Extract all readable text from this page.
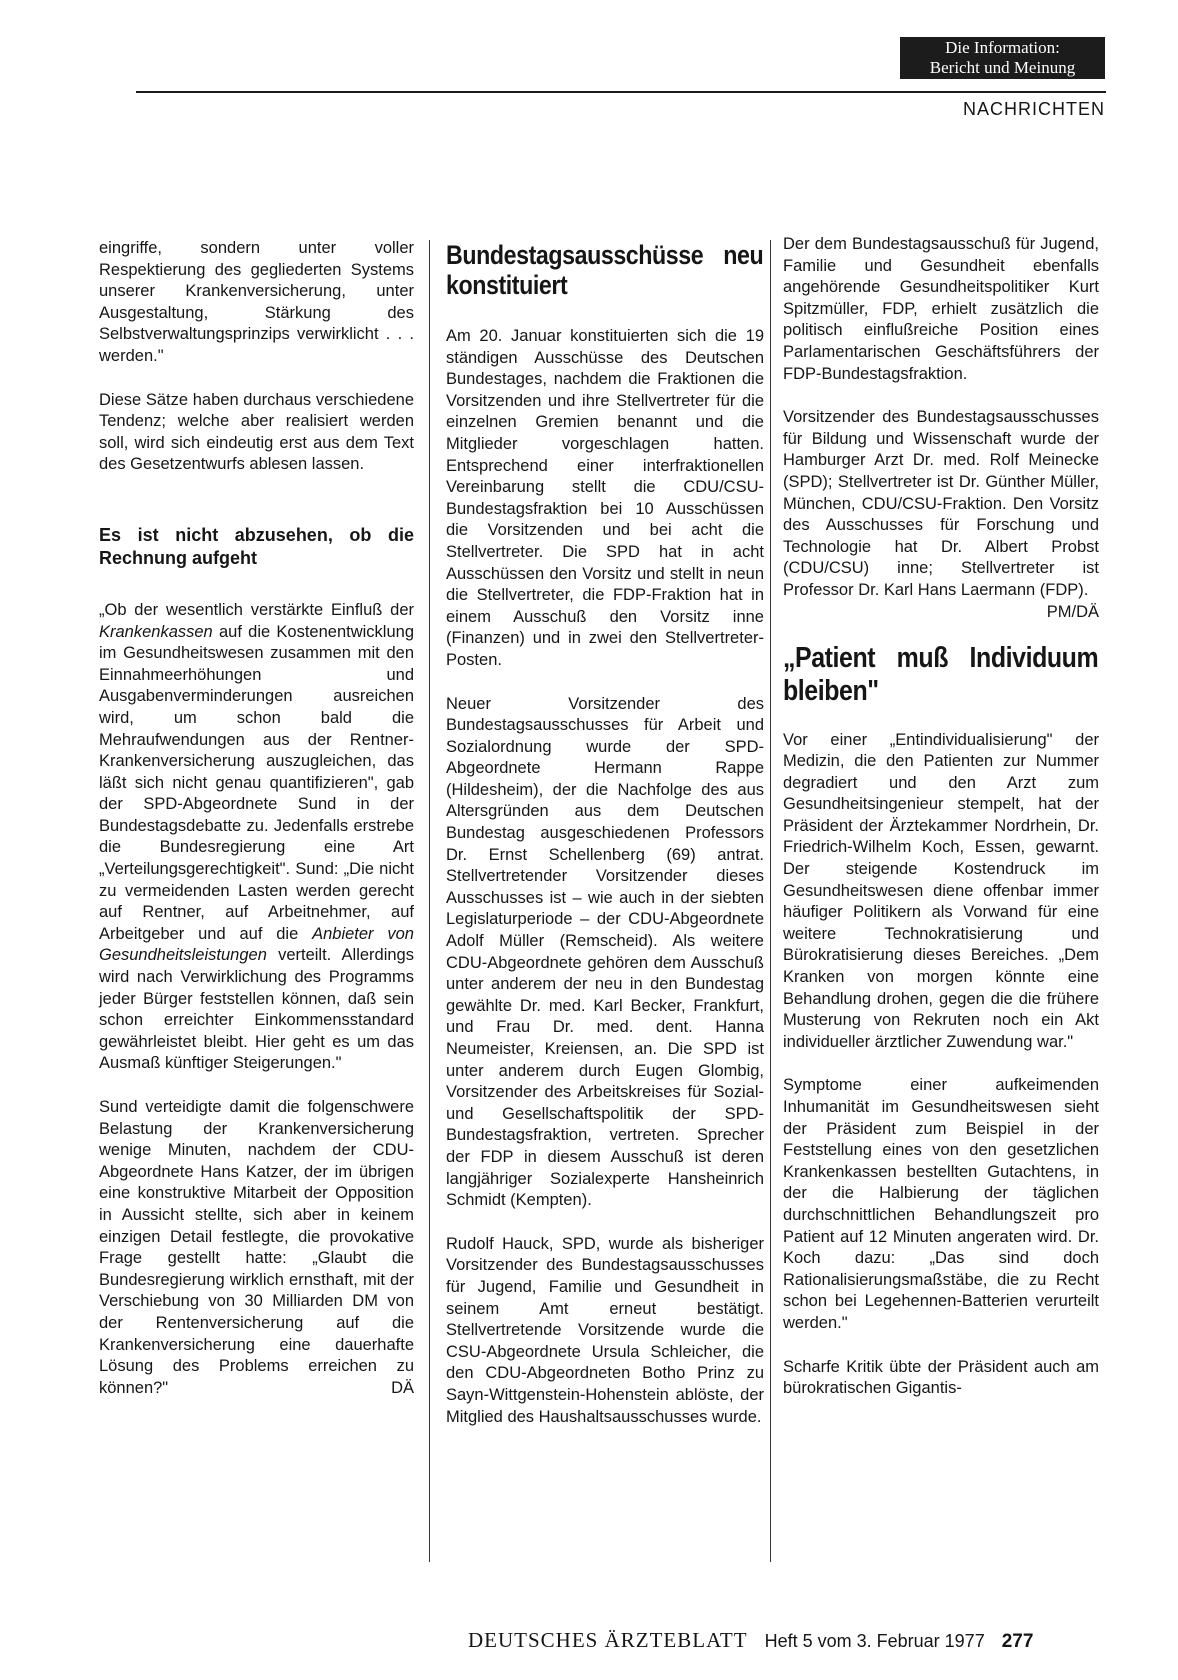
Die Information:
Bericht und Meinung
NACHRICHTEN

eingriffe, sondern unter voller Respektierung des gegliederten Systems unserer Krankenversicherung, unter Ausgestaltung, Stärkung des Selbstverwaltungsprinzips verwirklicht . . . werden."

Diese Sätze haben durchaus verschiedene Tendenz; welche aber realisiert werden soll, wird sich eindeutig erst aus dem Text des Gesetzentwurfs ablesen lassen.

Es ist nicht abzusehen, ob die Rechnung aufgeht

„Ob der wesentlich verstärkte Einfluß der Krankenkassen auf die Kostenentwicklung im Gesundheitswesen zusammen mit den Einnahmeerhöhungen und Ausgabenverminderungen ausreichen wird, um schon bald die Mehraufwendungen aus der Rentner-Krankenversicherung auszugleichen, das läßt sich nicht genau quantifizieren", gab der SPD-Abgeordnete Sund in der Bundestagsdebatte zu. Jedenfalls erstrebe die Bundesregierung eine Art „Verteilungsgerechtigkeit". Sund: „Die nicht zu vermeidenden Lasten werden gerecht auf Rentner, auf Arbeitnehmer, auf Arbeitgeber und auf die Anbieter von Gesundheitsleistungen verteilt. Allerdings wird nach Verwirklichung des Programms jeder Bürger feststellen können, daß sein schon erreichter Einkommensstandard gewährleistet bleibt. Hier geht es um das Ausmaß künftiger Steigerungen."

Sund verteidigte damit die folgenschwere Belastung der Krankenversicherung wenige Minuten, nachdem der CDU-Abgeordnete Hans Katzer, der im übrigen eine konstruktive Mitarbeit der Opposition in Aussicht stellte, sich aber in keinem einzigen Detail festlegte, die provokative Frage gestellt hatte: „Glaubt die Bundesregierung wirklich ernsthaft, mit der Verschiebung von 30 Milliarden DM von der Rentenversicherung auf die Krankenversicherung eine dauerhafte Lösung des Problems erreichen zu können?"	DÄ

Bundestagsausschüsse neu konstituiert

Am 20. Januar konstituierten sich die 19 ständigen Ausschüsse des Deutschen Bundestages, nachdem die Fraktionen die Vorsitzenden und ihre Stellvertreter für die einzelnen Gremien benannt und die Mitglieder vorgeschlagen hatten. Entsprechend einer interfraktionellen Vereinbarung stellt die CDU/CSU-Bundestagsfraktion bei 10 Ausschüssen die Vorsitzenden und bei acht die Stellvertreter. Die SPD hat in acht Ausschüssen den Vorsitz und stellt in neun die Stellvertreter, die FDP-Fraktion hat in einem Ausschuß den Vorsitz inne (Finanzen) und in zwei den Stellvertreter-Posten.

Neuer Vorsitzender des Bundestagsausschusses für Arbeit und Sozialordnung wurde der SPD-Abgeordnete Hermann Rappe (Hildesheim), der die Nachfolge des aus Altersgründen aus dem Deutschen Bundestag ausgeschiedenen Professors Dr. Ernst Schellenberg (69) antrat. Stellvertretender Vorsitzender dieses Ausschusses ist – wie auch in der siebten Legislaturperiode – der CDU-Abgeordnete Adolf Müller (Remscheid). Als weitere CDU-Abgeordnete gehören dem Ausschuß unter anderem der neu in den Bundestag gewählte Dr. med. Karl Becker, Frankfurt, und Frau Dr. med. dent. Hanna Neumeister, Kreiensen, an. Die SPD ist unter anderem durch Eugen Glombig, Vorsitzender des Arbeitskreises für Sozial- und Gesellschaftspolitik der SPD-Bundestagsfraktion, vertreten. Sprecher der FDP in diesem Ausschuß ist deren langjähriger Sozialexperte Hansheinrich Schmidt (Kempten).

Rudolf Hauck, SPD, wurde als bisheriger Vorsitzender des Bundestagsausschusses für Jugend, Familie und Gesundheit in seinem Amt erneut bestätigt. Stellvertretende Vorsitzende wurde die CSU-Abgeordnete Ursula Schleicher, die den CDU-Abgeordneten Botho Prinz zu Sayn-Wittgenstein-Hohenstein ablöste, der Mitglied des Haushaltsausschusses wurde.

Der dem Bundestagsausschuß für Jugend, Familie und Gesundheit ebenfalls angehörende Gesundheitspolitiker Kurt Spitzmüller, FDP, erhielt zusätzlich die politisch einflußreiche Position eines Parlamentarischen Geschäftsführers der FDP-Bundestagsfraktion.

Vorsitzender des Bundestagsausschusses für Bildung und Wissenschaft wurde der Hamburger Arzt Dr. med. Rolf Meinecke (SPD); Stellvertreter ist Dr. Günther Müller, München, CDU/CSU-Fraktion. Den Vorsitz des Ausschusses für Forschung und Technologie hat Dr. Albert Probst (CDU/CSU) inne; Stellvertreter ist Professor Dr. Karl Hans Laermann (FDP).
PM/DÄ

„Patient muß Individuum bleiben"

Vor einer „Entindividualisierung" der Medizin, die den Patienten zur Nummer degradiert und den Arzt zum Gesundheitsingenieur stempelt, hat der Präsident der Ärztekammer Nordrhein, Dr. Friedrich-Wilhelm Koch, Essen, gewarnt. Der steigende Kostendruck im Gesundheitswesen diene offenbar immer häufiger Politikern als Vorwand für eine weitere Technokratisierung und Bürokratisierung dieses Bereiches. „Dem Kranken von morgen könnte eine Behandlung drohen, gegen die die frühere Musterung von Rekruten noch ein Akt individueller ärztlicher Zuwendung war."

Symptome einer aufkeimenden Inhumanität im Gesundheitswesen sieht der Präsident zum Beispiel in der Feststellung eines von den gesetzlichen Krankenkassen bestellten Gutachtens, in der die Halbierung der täglichen durchschnittlichen Behandlungszeit pro Patient auf 12 Minuten angeraten wird. Dr. Koch dazu: „Das sind doch Rationalisierungsmaßstäbe, die zu Recht schon bei Legehennen-Batterien verurteilt werden."

Scharfe Kritik übte der Präsident auch am bürokratischen Gigantis-

DEUTSCHES ÄRZTEBLATT Heft 5 vom 3. Februar 1977 277
